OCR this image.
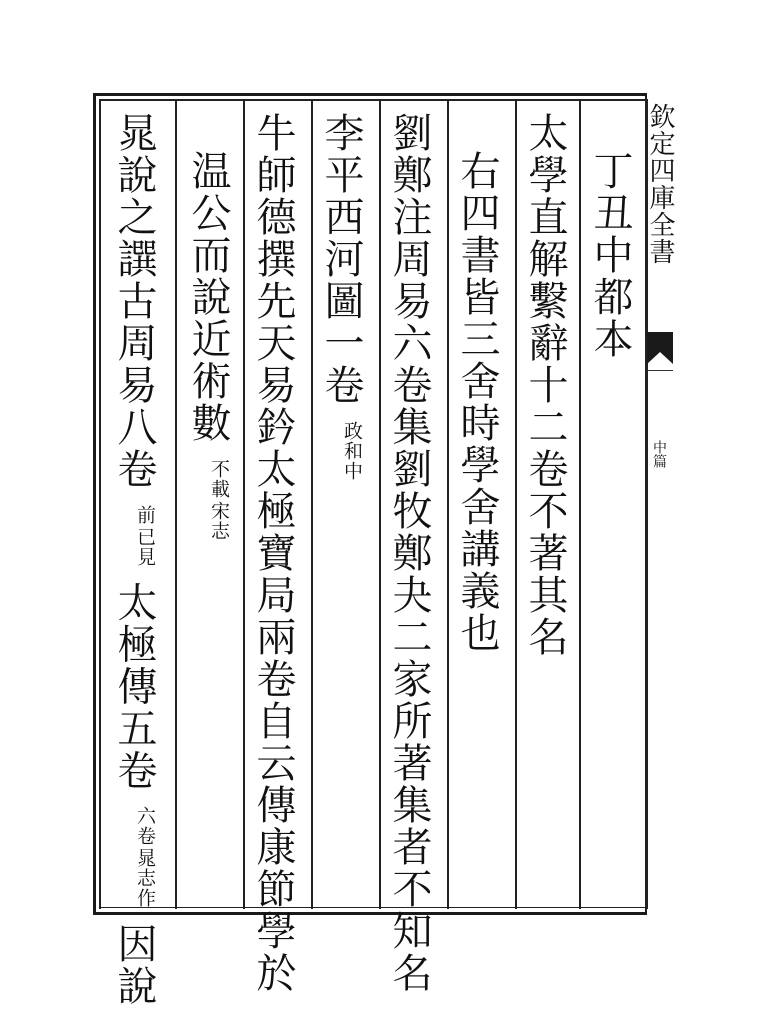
欽定四庫全書
中篇
丁丑中都本
太學直解繫辭十二卷不著其名
右四書皆三舍時學舍講義也
劉鄭注周易六卷集劉牧鄭夬二家所著集者不知名
李平西河圖一卷
政和中
牛師德撰先天易鈐太極寶局兩卷自云傳康節學於
温公而說近術數
宋志
不載
晁說之譔古周易八卷
已見
前
太極傳五卷
晁志作
六卷
因說
